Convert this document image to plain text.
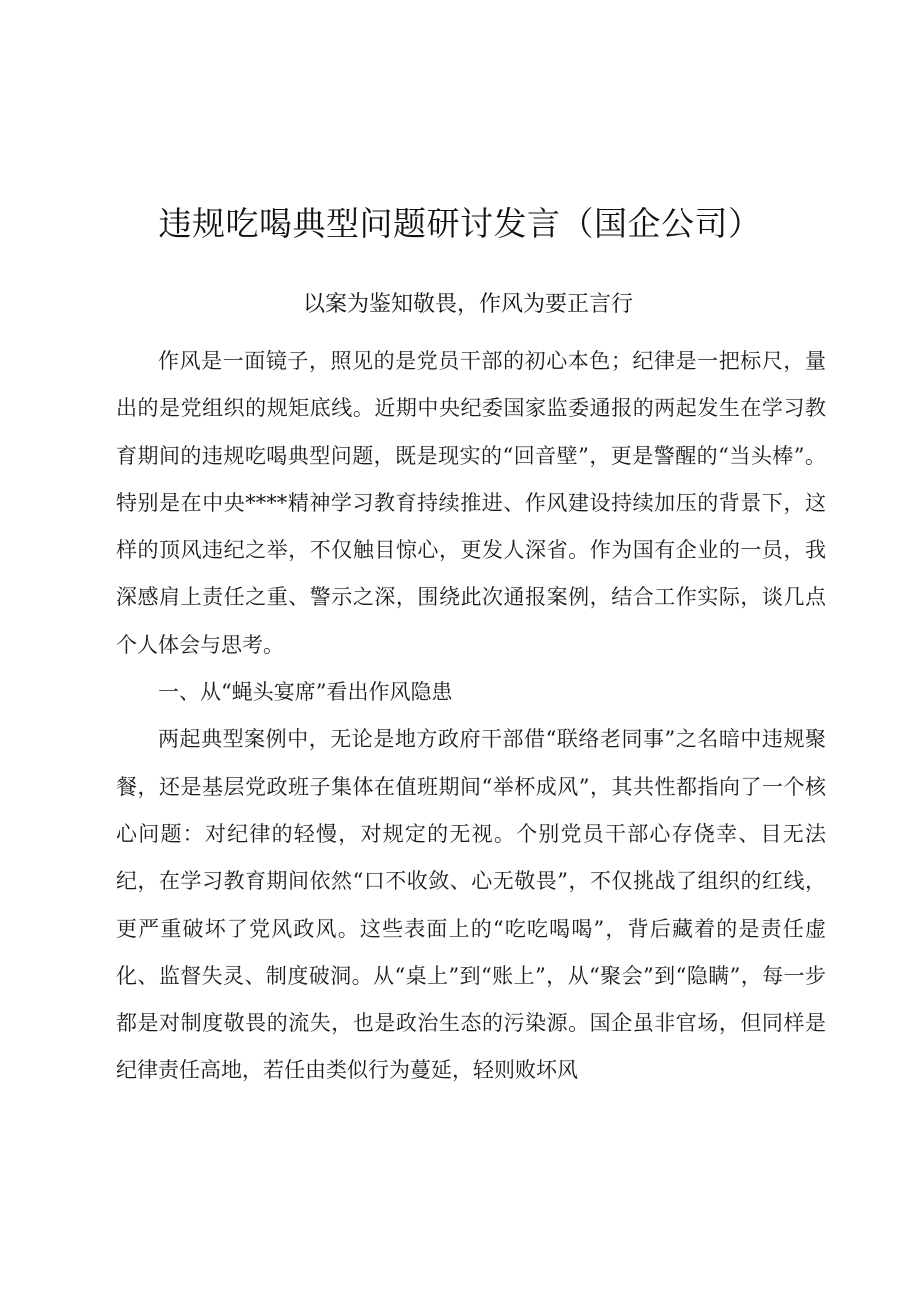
违规吃喝典型问题研讨发言（国企公司）
以案为鉴知敬畏，作风为要正言行

作风是一面镜子，照见的是党员干部的初心本色；纪律是一把标尺，量出的是党组织的规矩底线。近期中央纪委国家监委通报的两起发生在学习教育期间的违规吃喝典型问题，既是现实的“回音壁”，更是警醒的“当头棒”。特别是在中央****精神学习教育持续推进、作风建设持续加压的背景下，这样的顶风违纪之举，不仅触目惊心，更发人深省。作为国有企业的一员，我深感肩上责任之重、警示之深，围绕此次通报案例，结合工作实际，谈几点个人体会与思考。

一、从“蝇头宴席”看出作风隐患

两起典型案例中，无论是地方政府干部借“联络老同事”之名暗中违规聚餐，还是基层党政班子集体在值班期间“举杯成风”，其共性都指向了一个核心问题：对纪律的轻慢，对规定的无视。个别党员干部心存侥幸、目无法纪，在学习教育期间依然“口不收敛、心无敬畏”，不仅挑战了组织的红线，更严重破坏了党风政风。这些表面上的“吃吃喝喝”，背后藏着的是责任虚化、监督失灵、制度破洞。从“桌上”到“账上”，从“聚会”到“隐瞒”，每一步都是对制度敬畏的流失，也是政治生态的污染源。国企虽非官场，但同样是纪律责任高地，若任由类似行为蔓延，轻则败坏风
